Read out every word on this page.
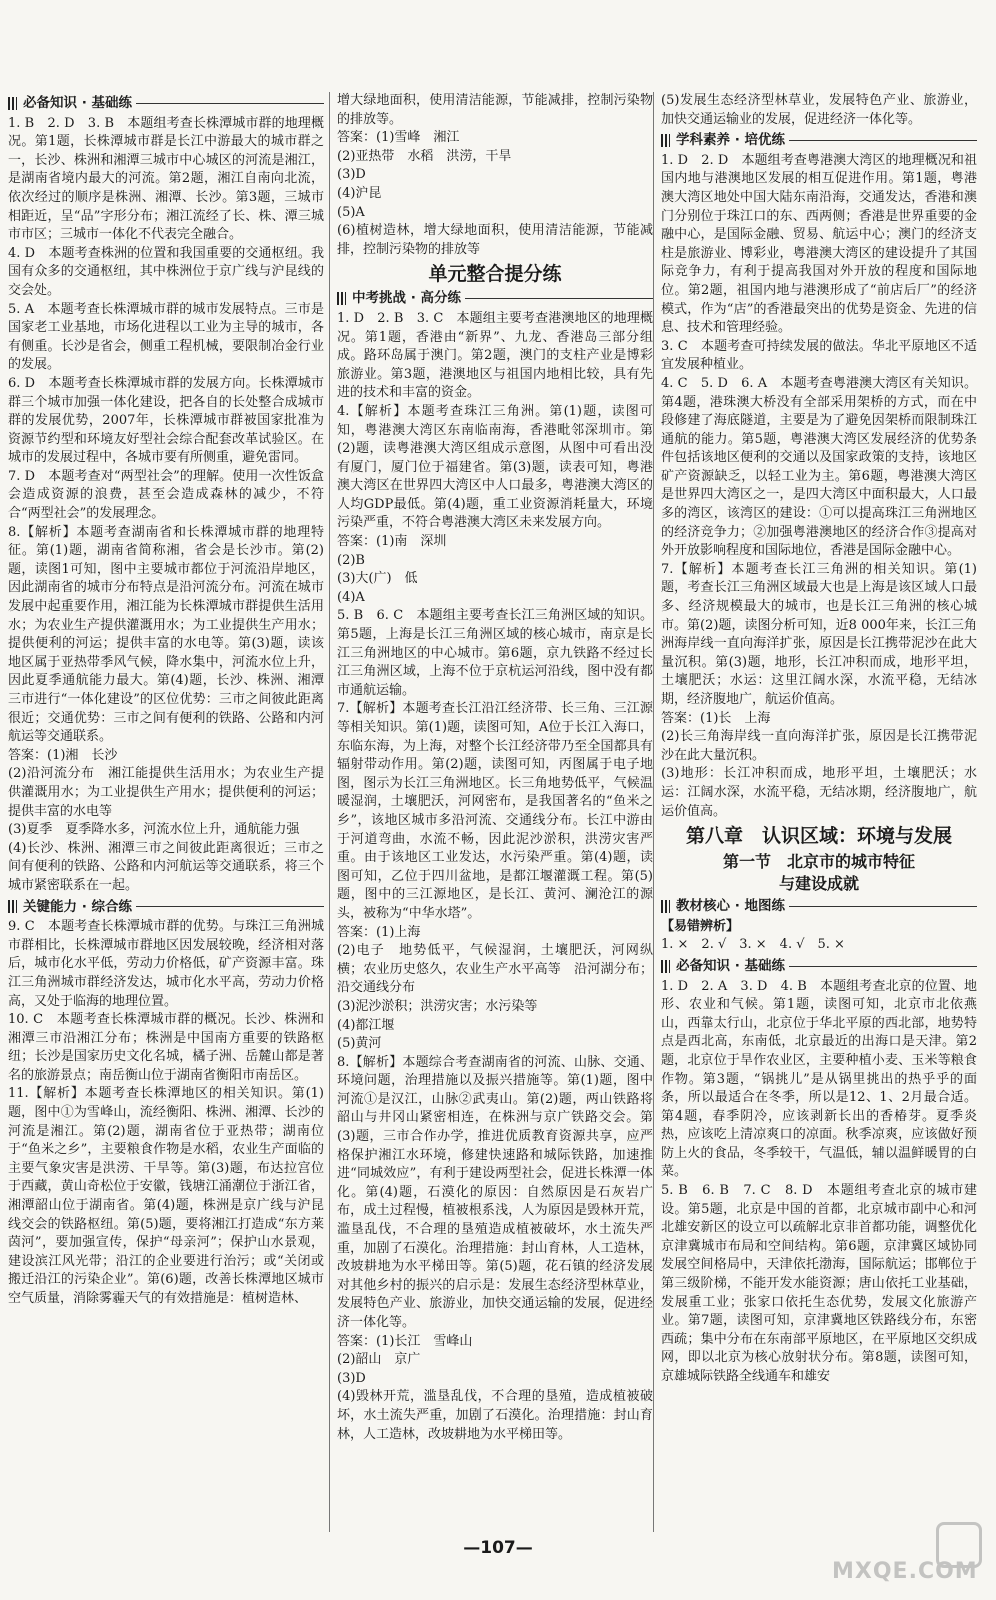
必备知识 · 基础练

1. B　2. D　3. B　本题组考查长株潭城市群的地理概况。第1题，长株潭城市群是长江中游最大的城市群之一，长沙、株洲和湘潭三城市中心城区的河流是湘江，是湖南省境内最大的河流。第2题，湘江自南向北流，依次经过的顺序是株洲、湘潭、长沙。第3题，三城市相距近，呈“品”字形分布；湘江流经了长、株、潭三城市市区；三城市一体化不代表完全融合。

4. D　本题考查株洲的位置和我国重要的交通枢纽。我国有众多的交通枢纽，其中株洲位于京广线与沪昆线的交会处。

5. A　本题考查长株潭城市群的城市发展特点。三市是国家老工业基地，市场化进程以工业为主导的城市，各有侧重。长沙是省会，侧重工程机械，要限制冶金行业的发展。

6. D　本题考查长株潭城市群的发展方向。长株潭城市群三个城市加强一体化建设，把各自的长处整合成城市群的发展优势，2007年，长株潭城市群被国家批准为资源节约型和环境友好型社会综合配套改革试验区。在城市的发展过程中，各城市要有所侧重，避免雷同。

7. D　本题考查对“两型社会”的理解。使用一次性饭盒会造成资源的浪费，甚至会造成森林的减少，不符合“两型社会”的发展理念。

8.【解析】本题考查湖南省和长株潭城市群的地理特征。第(1)题，湖南省简称湘，省会是长沙市。第(2)题，读图1可知，图中主要城市都位于河流沿岸地区，因此湖南省的城市分布特点是沿河流分布。河流在城市发展中起重要作用，湘江能为长株潭城市群提供生活用水；为农业生产提供灌溉用水；为工业提供生产用水；提供便利的河运；提供丰富的水电等。第(3)题，读该地区属于亚热带季风气候，降水集中，河流水位上升，因此夏季通航能力最大。第(4)题，长沙、株洲、湘潭三市进行“一体化建设”的区位优势：三市之间彼此距离很近；交通优势：三市之间有便利的铁路、公路和内河航运等交通联系。

答案：(1)湘　长沙

(2)沿河流分布　湘江能提供生活用水；为农业生产提供灌溉用水；为工业提供生产用水；提供便利的河运；提供丰富的水电等

(3)夏季　夏季降水多，河流水位上升，通航能力强

(4)长沙、株洲、湘潭三市之间彼此距离很近；三市之间有便利的铁路、公路和内河航运等交通联系，将三个城市紧密联系在一起。

关键能力 · 综合练

9. C　本题考查长株潭城市群的优势。与珠江三角洲城市群相比，长株潭城市群地区因发展较晚，经济相对落后，城市化水平低，劳动力价格低，矿产资源丰富。珠江三角洲城市群经济发达，城市化水平高，劳动力价格高，又处于临海的地理位置。

10. C　本题考查长株潭城市群的概况。长沙、株洲和湘潭三市沿湘江分布；株洲是中国南方重要的铁路枢纽；长沙是国家历史文化名城，橘子洲、岳麓山都是著名的旅游景点；南岳衡山位于湖南省衡阳市南岳区。

11.【解析】本题考查长株潭地区的相关知识。第(1)题，图中①为雪峰山，流经衡阳、株洲、湘潭、长沙的河流是湘江。第(2)题，湖南省位于亚热带；湖南位于“鱼米之乡”，主要粮食作物是水稻，农业生产面临的主要气象灾害是洪涝、干旱等。第(3)题，布达拉宫位于西藏，黄山奇松位于安徽，钱塘江涌潮位于浙江省，湘潭韶山位于湖南省。第(4)题，株洲是京广线与沪昆线交会的铁路枢纽。第(5)题，要将湘江打造成“东方莱茵河”，要加强宣传，保护“母亲河”；保护山水景观，建设滨江风光带；沿江的企业要进行治污；或“关闭或搬迁沿江的污染企业”。第(6)题，改善长株潭地区城市空气质量，消除雾霾天气的有效措施是：植树造林、

增大绿地面积，使用清洁能源，节能减排，控制污染物的排放等。

答案：(1)雪峰　湘江

(2)亚热带　水稻　洪涝，干旱

(3)D

(4)沪昆

(5)A

(6)植树造林，增大绿地面积，使用清洁能源，节能减排，控制污染物的排放等

单元整合提分练
中考挑战 · 高分练

1. D　2. B　3. C　本题组主要考查港澳地区的地理概况。第1题，香港由“新界”、九龙、香港岛三部分组成。路环岛属于澳门。第2题，澳门的支柱产业是博彩旅游业。第3题，港澳地区与祖国内地相比较，具有先进的技术和丰富的资金。

4.【解析】本题考查珠江三角洲。第(1)题，读图可知，粤港澳大湾区东南临南海，香港毗邻深圳市。第(2)题，读粤港澳大湾区组成示意图，从图中可看出没有厦门，厦门位于福建省。第(3)题，读表可知，粤港澳大湾区在世界四大湾区中人口最多，粤港澳大湾区的人均GDP最低。第(4)题，重工业资源消耗量大，环境污染严重，不符合粤港澳大湾区未来发展方向。

答案：(1)南　深圳

(2)B

(3)大(广)　低

(4)A

5. B　6. C　本题组主要考查长江三角洲区域的知识。第5题，上海是长江三角洲区域的核心城市，南京是长江三角洲地区的中心城市。第6题，京九铁路不经过长江三角洲区域，上海不位于京杭运河沿线，图中没有都市通航运输。

7.【解析】本题考查长江沿江经济带、长三角、三江源等相关知识。第(1)题，读图可知，A位于长江入海口，东临东海，为上海，对整个长江经济带乃至全国都具有辐射带动作用。第(2)题，读图可知，丙图属于电子地图，图示为长江三角洲地区。长三角地势低平，气候温暖湿润，土壤肥沃，河网密布，是我国著名的“鱼米之乡”，该地区城市多沿河流、交通线分布。长江中游由于河道弯曲，水流不畅，因此泥沙淤积，洪涝灾害严重。由于该地区工业发达，水污染严重。第(4)题，读图可知，乙位于四川盆地，是都江堰灌溉工程。第(5)题，图中的三江源地区，是长江、黄河、澜沧江的源头，被称为“中华水塔”。

答案：(1)上海

(2)电子　地势低平，气候湿润，土壤肥沃，河网纵横；农业历史悠久，农业生产水平高等　沿河湖分布；沿交通线分布

(3)泥沙淤积；洪涝灾害；水污染等

(4)都江堰

(5)黄河

8.【解析】本题综合考查湖南省的河流、山脉、交通、环境问题，治理措施以及振兴措施等。第(1)题，图中河流①是汉江，山脉②武夷山。第(2)题，两山铁路将韶山与井冈山紧密相连，在株洲与京广铁路交会。第(3)题，三市合作办学，推进优质教育资源共享，应严格保护湘江水环境，修建快速路和城际铁路，加速推进“同城效应”，有利于建设两型社会，促进长株潭一体化。第(4)题，石漠化的原因：自然原因是石灰岩广布，成土过程慢，植被根系浅，人为原因是毁林开荒，滥垦乱伐，不合理的垦殖造成植被破坏，水土流失严重，加剧了石漠化。治理措施：封山育林，人工造林，改坡耕地为水平梯田等。第(5)题，花石镇的经济发展对其他乡村的振兴的启示是：发展生态经济型林草业，发展特色产业、旅游业，加快交通运输的发展，促进经济一体化等。

答案：(1)长江　雪峰山

(2)韶山　京广

(3)D

(4)毁林开荒，滥垦乱伐，不合理的垦殖，造成植被破坏，水土流失严重，加剧了石漠化。治理措施：封山育林，人工造林，改坡耕地为水平梯田等。

(5)发展生态经济型林草业，发展特色产业、旅游业，加快交通运输业的发展，促进经济一体化等。

学科素养 · 培优练

1. D　2. D　本题组考查粤港澳大湾区的地理概况和祖国内地与港澳地区发展的相互促进作用。第1题，粤港澳大湾区地处中国大陆东南沿海，交通发达，香港和澳门分别位于珠江口的东、西两侧；香港是世界重要的金融中心，是国际金融、贸易、航运中心；澳门的经济支柱是旅游业、博彩业，粤港澳大湾区的建设提升了其国际竞争力，有利于提高我国对外开放的程度和国际地位。第2题，祖国内地与港澳形成了“前店后厂”的经济模式，作为“店”的香港最突出的优势是资金、先进的信息、技术和管理经验。

3. C　本题考查可持续发展的做法。华北平原地区不适宜发展种植业。

4. C　5. D　6. A　本题考查粤港澳大湾区有关知识。第4题，港珠澳大桥没有全部采用架桥的方式，而在中段修建了海底隧道，主要是为了避免因架桥而限制珠江通航的能力。第5题，粤港澳大湾区发展经济的优势条件包括该地区便利的交通以及国家政策的支持，该地区矿产资源缺乏，以轻工业为主。第6题，粤港澳大湾区是世界四大湾区之一，是四大湾区中面积最大，人口最多的湾区，该湾区的建设：①可以提高珠江三角洲地区的经济竞争力；②加强粤港澳地区的经济合作③提高对外开放影响程度和国际地位，香港是国际金融中心。

7.【解析】本题考查长江三角洲的相关知识。第(1)题，考查长江三角洲区域最大也是上海是该区域人口最多、经济规模最大的城市，也是长江三角洲的核心城市。第(2)题，读图分析可知，近8 000年来，长江三角洲海岸线一直向海洋扩张，原因是长江携带泥沙在此大量沉积。第(3)题，地形，长江冲积而成，地形平坦，土壤肥沃；水运：这里江阔水深，水流平稳，无结冰期，经济腹地广，航运价值高。

答案：(1)长　上海

(2)长三角海岸线一直向海洋扩张，原因是长江携带泥沙在此大量沉积。

(3)地形：长江冲积而成，地形平坦，土壤肥沃；水运：江阔水深，水流平稳，无结冰期，经济腹地广，航运价值高。

第八章　认识区域：环境与发展
第一节　北京市的城市特征
与建设成就
教材核心 · 地图练
【易错辨析】

1. ×　2. √　3. ×　4. √　5. ×

必备知识 · 基础练

1. D　2. A　3. D　4. B　本题组考查北京的位置、地形、农业和气候。第1题，读图可知，北京市北依燕山，西靠太行山，北京位于华北平原的西北部，地势特点是西北高，东南低，北京最近的出海口是天津。第2题，北京位于旱作农业区，主要种植小麦、玉米等粮食作物。第3题，“锅挑儿”是从锅里挑出的热乎乎的面条，所以最适合在冬季，所以是12、1、2月最合适。第4题，春季阴冷，应该剥新长出的香椿芽。夏季炎热，应该吃上清凉爽口的凉面。秋季凉爽，应该做好预防上火的食品，冬季较干，气温低，辅以温鲜暖胃的白菜。

5. B　6. B　7. C　8. D　本题组考查北京的城市建设。第5题，北京是中国的首都，北京城市副中心和河北雄安新区的设立可以疏解北京非首都功能，调整优化京津冀城市布局和空间结构。第6题，京津冀区域协同发展空间格局中，天津依托渤海，国际航运；邯郸位于第三级阶梯，不能开发水能资源；唐山依托工业基础，发展重工业；张家口依托生态优势，发展文化旅游产业。第7题，读图可知，京津冀地区铁路线分布，东密西疏；集中分布在东南部平原地区，在平原地区交织成网，即以北京为核心放射状分布。第8题，读图可知，京雄城际铁路全线通车和雄安

—107—
MXQE.COM
